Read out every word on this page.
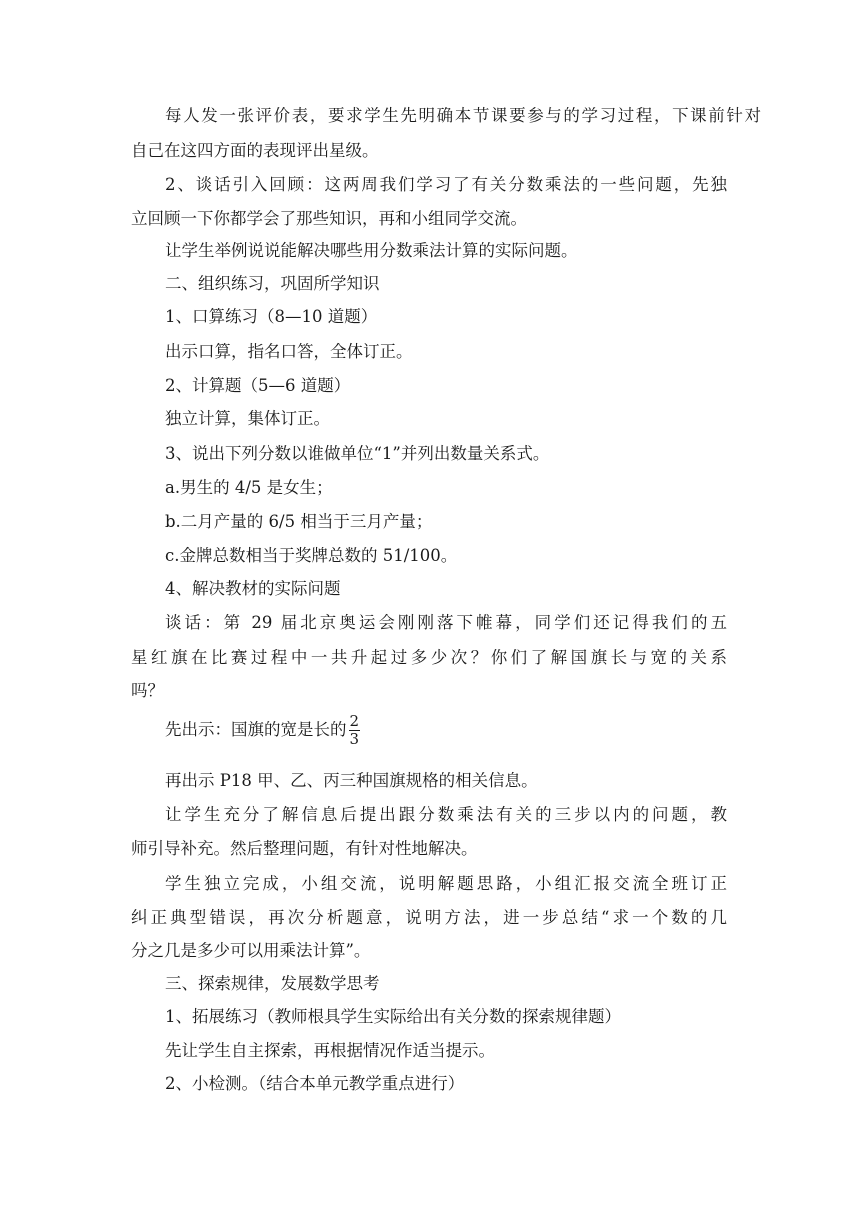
每人发一张评价表，要求学生先明确本节课要参与的学习过程，下课前针对
自己在这四方面的表现评出星级。
2、谈话引入回顾：这两周我们学习了有关分数乘法的一些问题，先独
立回顾一下你都学会了那些知识，再和小组同学交流。
让学生举例说说能解决哪些用分数乘法计算的实际问题。
二、组织练习，巩固所学知识
1、口算练习（8—10 道题）
出示口算，指名口答，全体订正。
2、计算题（5—6 道题）
独立计算，集体订正。
3、说出下列分数以谁做单位“1”并列出数量关系式。
a.男生的 4/5 是女生；
b.二月产量的 6/5 相当于三月产量；
c.金牌总数相当于奖牌总数的 51/100。
4、解决教材的实际问题
谈话：第 29 届北京奥运会刚刚落下帷幕，同学们还记得我们的五
星红旗在比赛过程中一共升起过多少次？你们了解国旗长与宽的关系
吗？
先出示：国旗的宽是长的 $\frac{2}{3}$
再出示 P18 甲、乙、丙三种国旗规格的相关信息。
让学生充分了解信息后提出跟分数乘法有关的三步以内的问题，教
师引导补充。然后整理问题，有针对性地解决。
学生独立完成，小组交流，说明解题思路，小组汇报交流全班订正
纠正典型错误，再次分析题意，说明方法，进一步总结“求一个数的几
分之几是多少可以用乘法计算”。
三、探索规律，发展数学思考
1、拓展练习（教师根具学生实际给出有关分数的探索规律题）
先让学生自主探索，再根据情况作适当提示。
2、小检测。（结合本单元教学重点进行）
